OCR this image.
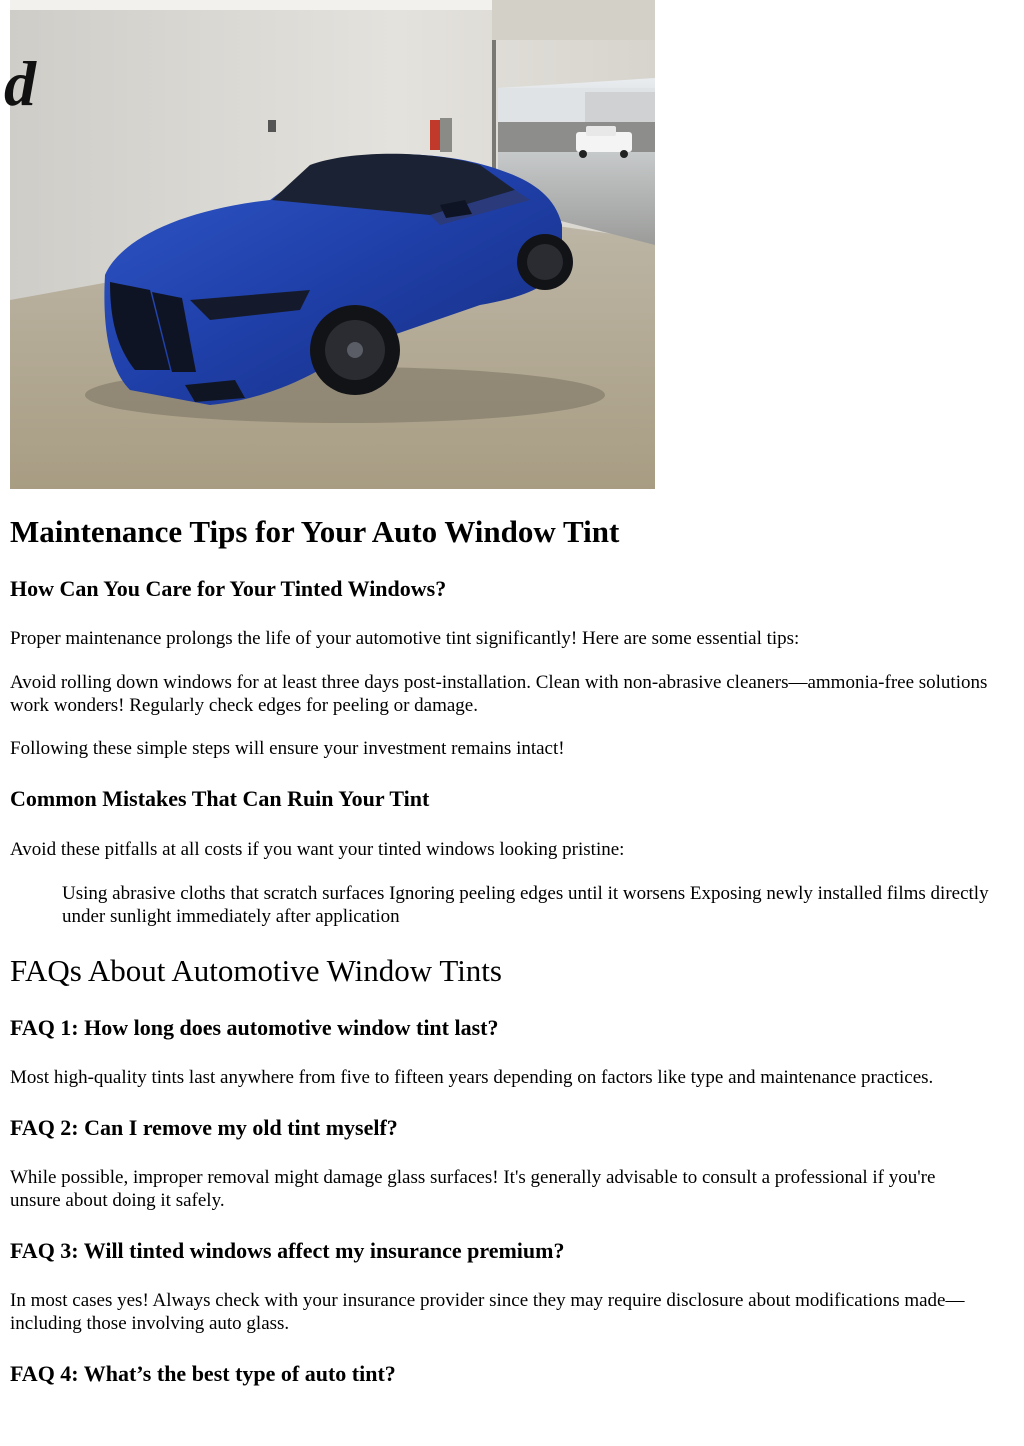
d
Maintenance Tips for Your Auto Window Tint
How Can You Care for Your Tinted Windows?

Proper maintenance prolongs the life of your automotive tint significantly! Here are some essential tips:

Avoid rolling down windows for at least three days post-installation. Clean with non-abrasive cleaners—ammonia-free solutions work wonders! Regularly check edges for peeling or damage.

Following these simple steps will ensure your investment remains intact!

Common Mistakes That Can Ruin Your Tint

Avoid these pitfalls at all costs if you want your tinted windows looking pristine:

Using abrasive cloths that scratch surfaces Ignoring peeling edges until it worsens Exposing newly installed films directly under sunlight immediately after application
FAQs About Automotive Window Tints
FAQ 1: How long does automotive window tint last?

Most high-quality tints last anywhere from five to fifteen years depending on factors like type and maintenance practices.

FAQ 2: Can I remove my old tint myself?

While possible, improper removal might damage glass surfaces! It's generally advisable to consult a professional if you're unsure about doing it safely.

FAQ 3: Will tinted windows affect my insurance premium?

In most cases yes! Always check with your insurance provider since they may require disclosure about modifications made—including those involving auto glass.

FAQ 4: What’s the best type of auto tint?
